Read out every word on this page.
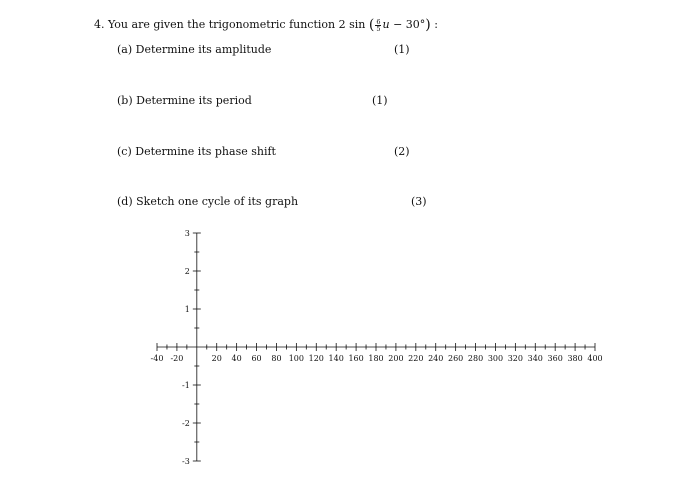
4. You are given the trigonometric function 2 sin ( $\frac{6}{5}$ u − 30°) :
(a) Determine its amplitude	(1)
(b) Determine its period	(1)
(c) Determine its phase shift	(2)
(d) Sketch one cycle of its graph	(3)
-40 -20	20 40 60 80 100 120 140 160 180 200 220 240 260 280 300 320 340 360 380 400
-3
-2
-1
1
2
3
